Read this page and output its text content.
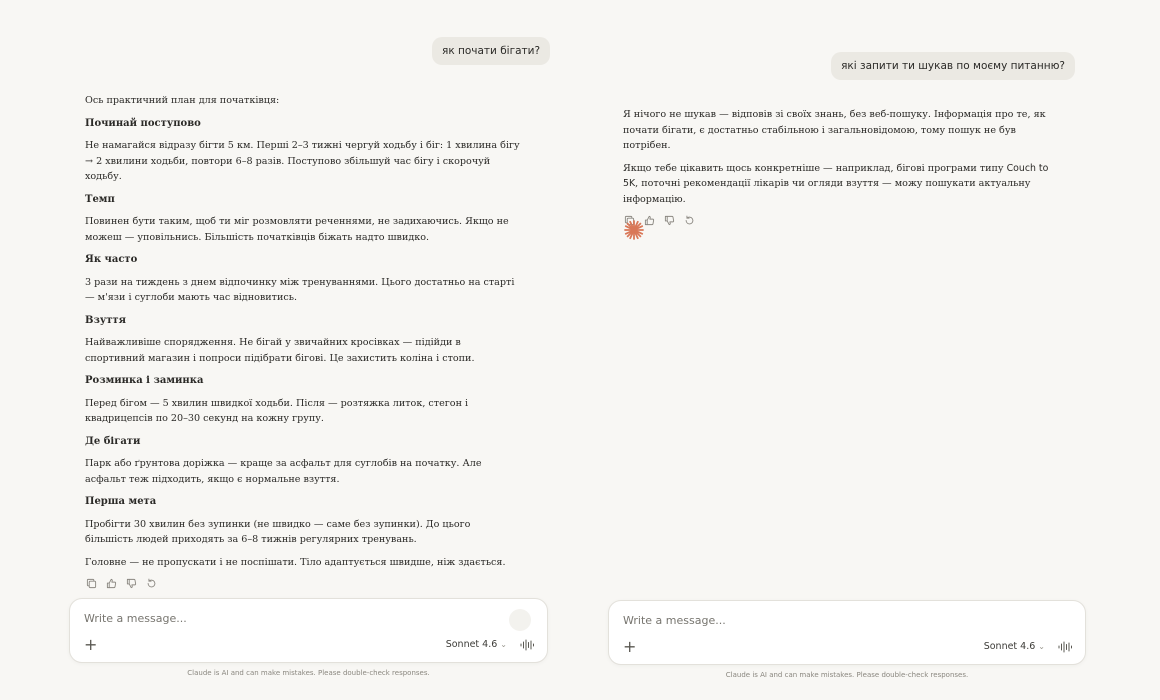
як почати бігати?

Ось практичний план для початківця:

Починай поступово

Не намагайся відразу бігти 5 км. Перші 2–3 тижні чергуй ходьбу і біг: 1 хвилина бігу → 2 хвилини ходьби, повтори 6–8 разів. Поступово збільшуй час бігу і скорочуй ходьбу.

Темп

Повинен бути таким, щоб ти міг розмовляти реченнями, не задихаючись. Якщо не можеш — уповільнись. Більшість початківців біжать надто швидко.

Як часто

3 рази на тиждень з днем відпочинку між тренуваннями. Цього достатньо на старті — м'язи і суглоби мають час відновитись.

Взуття

Найважливіше спорядження. Не бігай у звичайних кросівках — підійди в спортивний магазин і попроси підібрати бігові. Це захистить коліна і стопи.

Розминка і заминка

Перед бігом — 5 хвилин швидкої ходьби. Після — розтяжка литок, стегон і квадрицепсів по 20–30 секунд на кожну групу.

Де бігати

Парк або ґрунтова доріжка — краще за асфальт для суглобів на початку. Але асфальт теж підходить, якщо є нормальне взуття.

Перша мета

Пробігти 30 хвилин без зупинки (не швидко — саме без зупинки). До цього більшість людей приходять за 6–8 тижнів регулярних тренувань.

Головне — не пропускати і не поспішати. Тіло адаптується швидше, ніж здається.

Write a message...
+	Sonnet 4.6 ⌄
Claude is AI and can make mistakes. Please double-check responses.
які запити ти шукав по моєму питанню?

Я нічого не шукав — відповів зі своїх знань, без веб-пошуку. Інформація про те, як почати бігати, є достатньо стабільною і загальновідомою, тому пошук не був потрібен.

Якщо тебе цікавить щось конкретніше — наприклад, бігові програми типу Couch to 5K, поточні рекомендації лікарів чи огляди взуття — можу пошукати актуальну інформацію.

Write a message...
+	Sonnet 4.6 ⌄
Claude is AI and can make mistakes. Please double-check responses.
